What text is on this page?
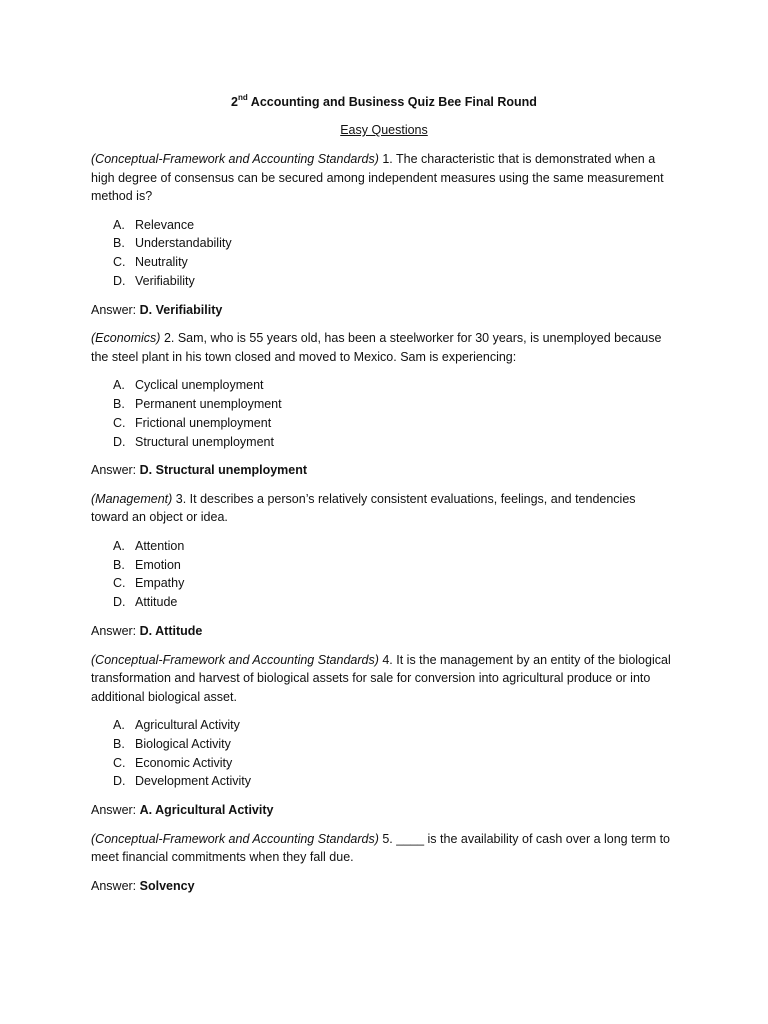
2nd Accounting and Business Quiz Bee Final Round

Easy Questions

(Conceptual-Framework and Accounting Standards) 1. The characteristic that is demonstrated when a high degree of consensus can be secured among independent measures using the same measurement method is?

A. Relevance
B. Understandability
C. Neutrality
D. Verifiability

Answer: D. Verifiability

(Economics) 2. Sam, who is 55 years old, has been a steelworker for 30 years, is unemployed because the steel plant in his town closed and moved to Mexico. Sam is experiencing:

A. Cyclical unemployment
B. Permanent unemployment
C. Frictional unemployment
D. Structural unemployment

Answer: D. Structural unemployment

(Management) 3. It describes a person’s relatively consistent evaluations, feelings, and tendencies toward an object or idea.

A. Attention
B. Emotion
C. Empathy
D. Attitude

Answer: D. Attitude

(Conceptual-Framework and Accounting Standards) 4. It is the management by an entity of the biological transformation and harvest of biological assets for sale for conversion into agricultural produce or into additional biological asset.

A. Agricultural Activity
B. Biological Activity
C. Economic Activity
D. Development Activity

Answer: A. Agricultural Activity

(Conceptual-Framework and Accounting Standards) 5. ____ is the availability of cash over a long term to meet financial commitments when they fall due.

Answer: Solvency
